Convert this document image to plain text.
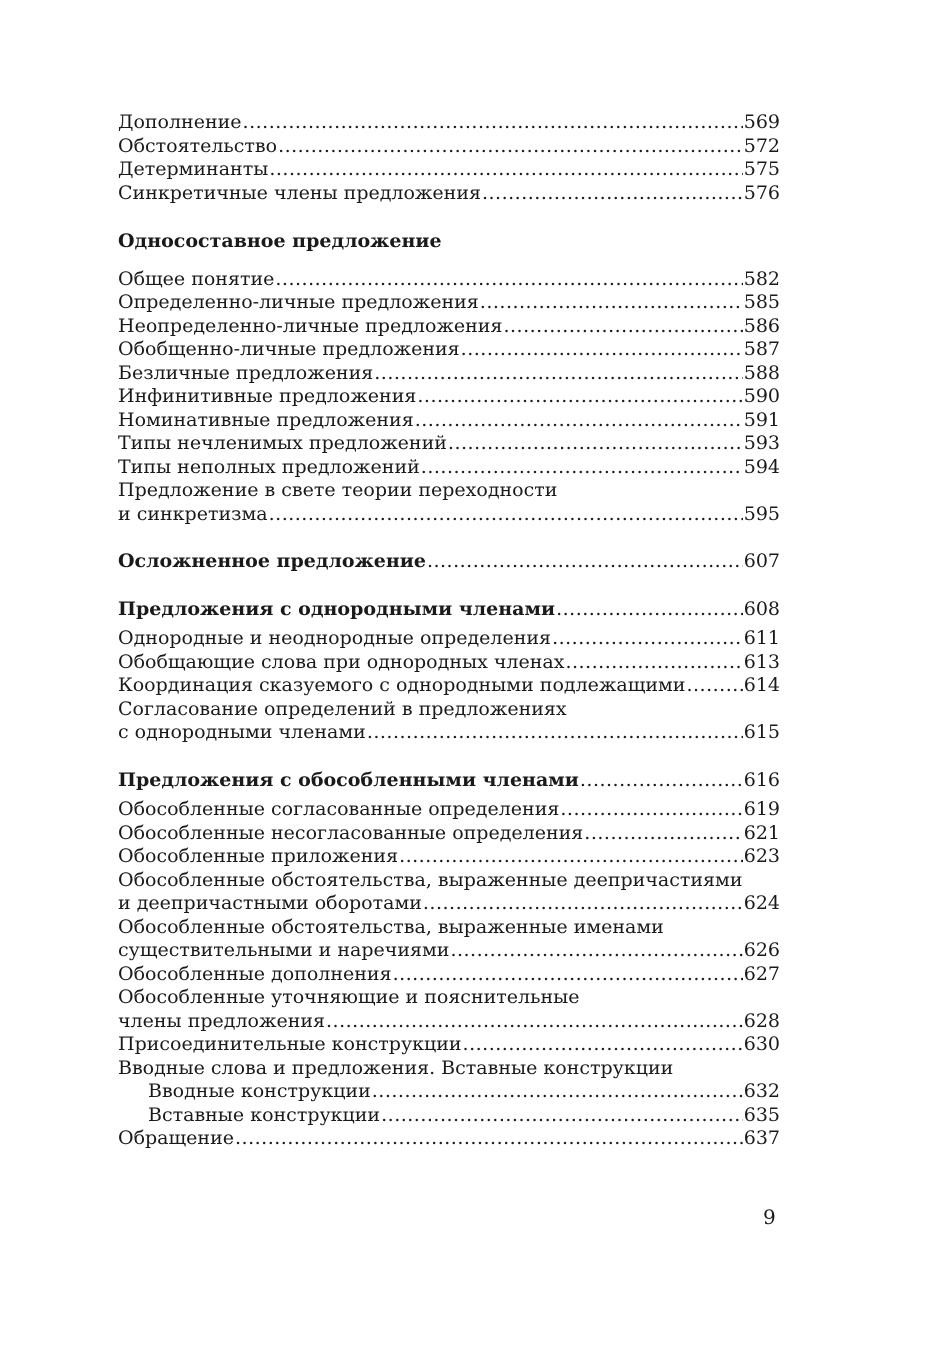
Дополнение .....	569
Обстоятельство .....	572
Детерминанты .....	575
Синкретичные члены предложения .....	576
Односоставное предложение
Общее понятие .....	582
Определенно-личные предложения .....	585
Неопределенно-личные предложения .....	586
Обобщенно-личные предложения .....	587
Безличные предложения .....	588
Инфинитивные предложения .....	590
Номинативные предложения .....	591
Типы нечленимых предложений .....	593
Типы неполных предложений .....	594
Предложение в свете теории переходности
и синкретизма .....	595
Осложненное предложение .....	607
Предложения с однородными членами .....	608
Однородные и неоднородные определения .....	611
Обобщающие слова при однородных членах .....	613
Координация сказуемого с однородными подлежащими .....	614
Согласование определений в предложениях
с однородными членами .....	615
Предложения с обособленными членами .....	616
Обособленные согласованные определения .....	619
Обособленные несогласованные определения .....	621
Обособленные приложения .....	623
Обособленные обстоятельства, выраженные деепричастиями
и деепричастными оборотами .....	624
Обособленные обстоятельства, выраженные именами
существительными и наречиями .....	626
Обособленные дополнения .....	627
Обособленные уточняющие и пояснительные
члены предложения .....	628
Присоединительные конструкции .....	630
Вводные слова и предложения. Вставные конструкции
Вводные конструкции .....	632
Вставные конструкции .....	635
Обращение .....	637
9
